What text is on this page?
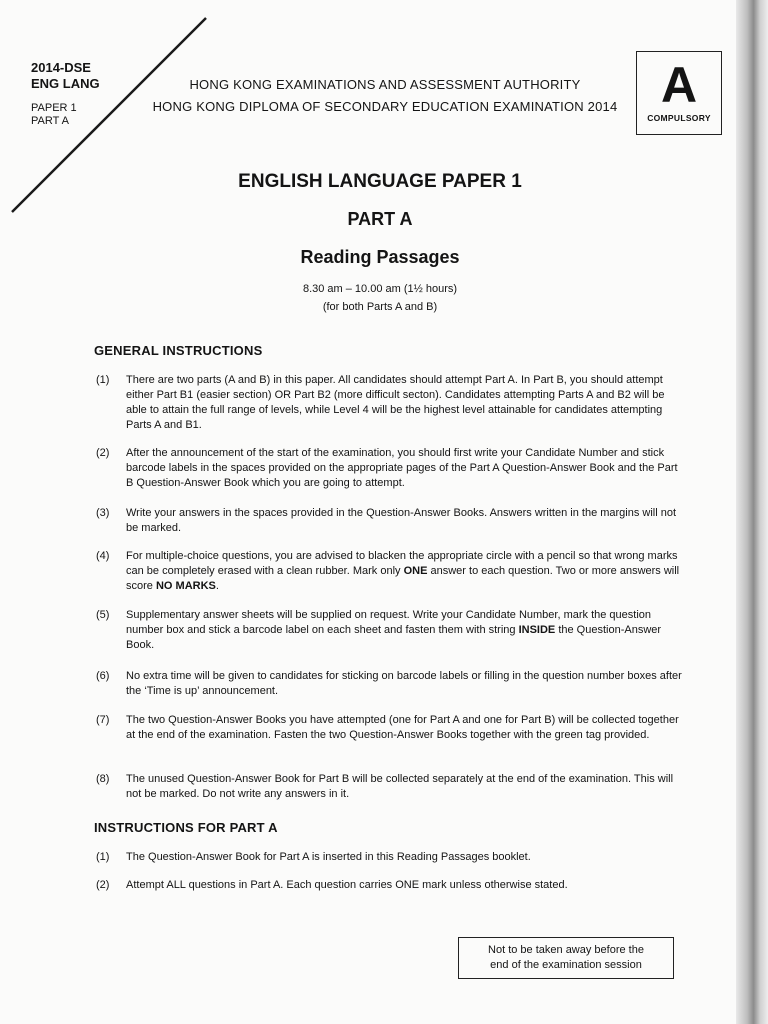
2014-DSE
ENG LANG
PAPER 1
PART A
HONG KONG EXAMINATIONS AND ASSESSMENT AUTHORITY
HONG KONG DIPLOMA OF SECONDARY EDUCATION EXAMINATION 2014 A
COMPULSORY
ENGLISH LANGUAGE PAPER 1
PART A
Reading Passages
8.30 am – 10.00 am (1½ hours)
(for both Parts A and B)
GENERAL INSTRUCTIONS
(1) There are two parts (A and B) in this paper. All candidates should attempt Part A. In Part B, you should attempt either Part B1 (easier section) OR Part B2 (more difficult secton). Candidates attempting Parts A and B2 will be able to attain the full range of levels, while Level 4 will be the highest level attainable for candidates attempting Parts A and B1.
(2) After the announcement of the start of the examination, you should first write your Candidate Number and stick barcode labels in the spaces provided on the appropriate pages of the Part A Question-Answer Book and the Part B Question-Answer Book which you are going to attempt.
(3) Write your answers in the spaces provided in the Question-Answer Books. Answers written in the margins will not be marked.
(4) For multiple-choice questions, you are advised to blacken the appropriate circle with a pencil so that wrong marks can be completely erased with a clean rubber. Mark only ONE answer to each question. Two or more answers will score NO MARKS.
(5) Supplementary answer sheets will be supplied on request. Write your Candidate Number, mark the question number box and stick a barcode label on each sheet and fasten them with string INSIDE the Question-Answer Book.
(6) No extra time will be given to candidates for sticking on barcode labels or filling in the question number boxes after the ‘Time is up’ announcement.
(7) The two Question-Answer Books you have attempted (one for Part A and one for Part B) will be collected together at the end of the examination. Fasten the two Question-Answer Books together with the green tag provided.
(8) The unused Question-Answer Book for Part B will be collected separately at the end of the examination. This will not be marked. Do not write any answers in it.
INSTRUCTIONS FOR PART A
(1) The Question-Answer Book for Part A is inserted in this Reading Passages booklet.
(2) Attempt ALL questions in Part A. Each question carries ONE mark unless otherwise stated.
Not to be taken away before the
end of the examination session
